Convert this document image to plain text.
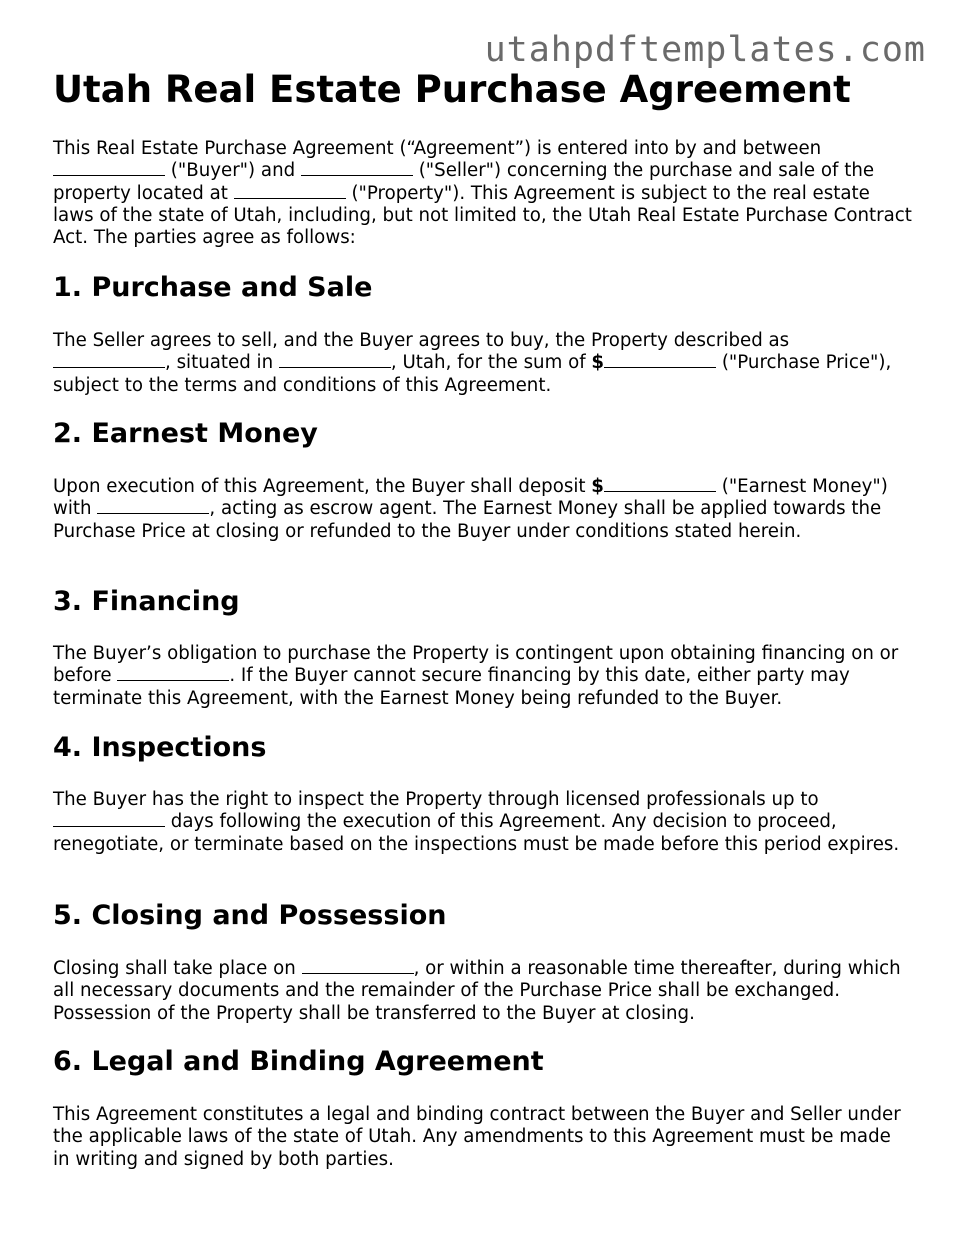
utahpdftemplates.com
Utah Real Estate Purchase Agreement

This Real Estate Purchase Agreement (“Agreement”) is entered into by and between
("Buyer") and	("Seller") concerning the purchase and sale of the property located at	("Property"). This Agreement is subject to the real estate laws of the state of Utah, including, but not limited to, the Utah Real Estate Purchase Contract Act. The parties agree as follows:

1. Purchase and Sale

The Seller agrees to sell, and the Buyer agrees to buy, the Property described as
, situated in	, Utah, for the sum of $	("Purchase Price"), subject to the terms and conditions of this Agreement.

2. Earnest Money

Upon execution of this Agreement, the Buyer shall deposit $	("Earnest Money") with	, acting as escrow agent. The Earnest Money shall be applied towards the Purchase Price at closing or refunded to the Buyer under conditions stated herein.

3. Financing

The Buyer’s obligation to purchase the Property is contingent upon obtaining financing on or before	. If the Buyer cannot secure financing by this date, either party may terminate this Agreement, with the Earnest Money being refunded to the Buyer.

4. Inspections

The Buyer has the right to inspect the Property through licensed professionals up to
days following the execution of this Agreement. Any decision to proceed, renegotiate, or terminate based on the inspections must be made before this period expires.

5. Closing and Possession

Closing shall take place on	, or within a reasonable time thereafter, during which all necessary documents and the remainder of the Purchase Price shall be exchanged. Possession of the Property shall be transferred to the Buyer at closing.

6. Legal and Binding Agreement

This Agreement constitutes a legal and binding contract between the Buyer and Seller under the applicable laws of the state of Utah. Any amendments to this Agreement must be made in writing and signed by both parties.
